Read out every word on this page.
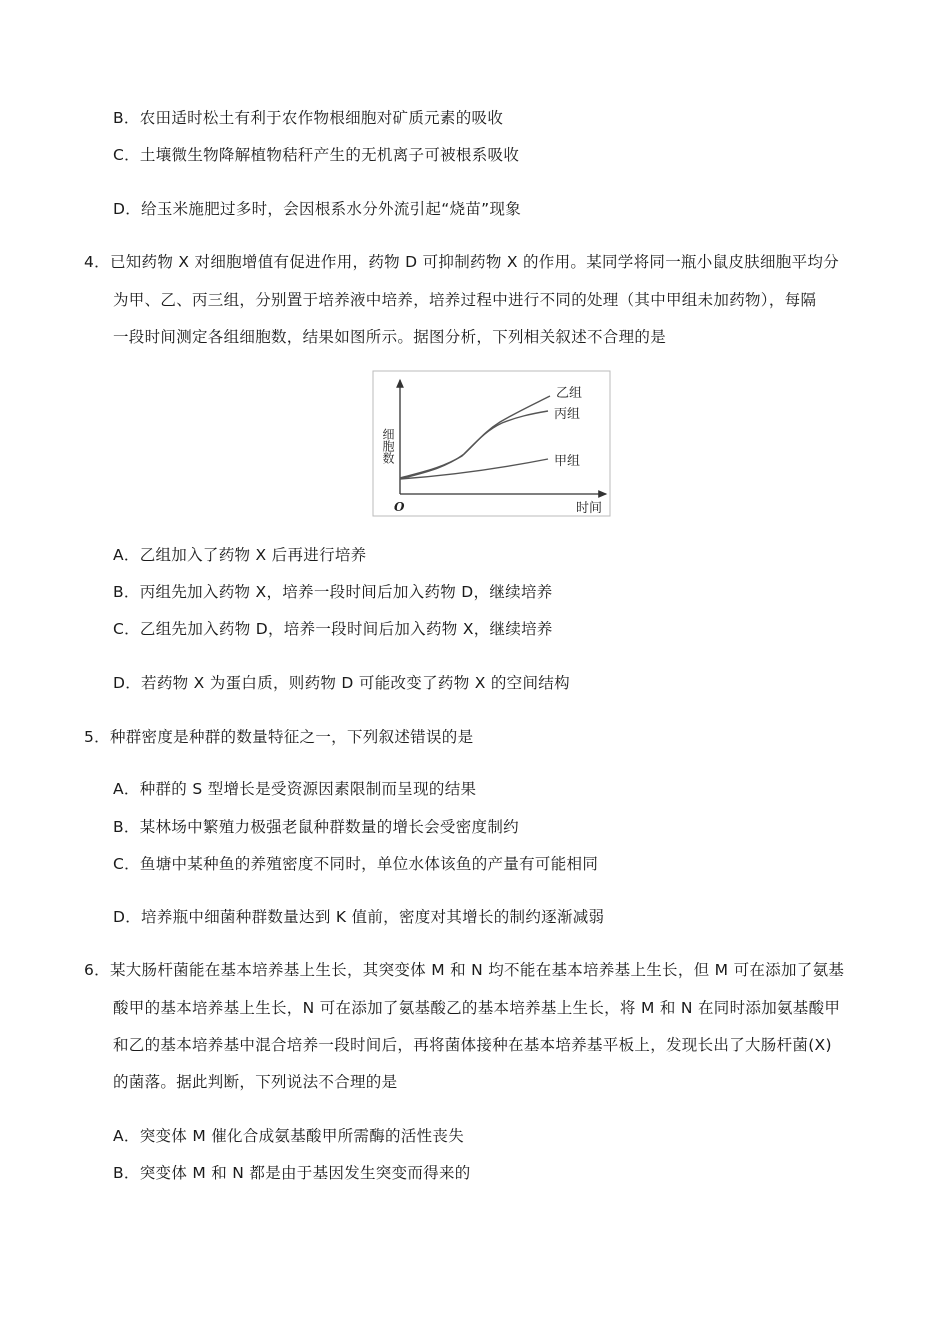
B．农田适时松土有利于农作物根细胞对矿质元素的吸收
C．土壤微生物降解植物秸秆产生的无机离子可被根系吸收
D．给玉米施肥过多时，会因根系水分外流引起“烧苗”现象
4．已知药物 X 对细胞增值有促进作用，药物 D 可抑制药物 X 的作用。某同学将同一瓶小鼠皮肤细胞平均分
为甲、乙、丙三组，分别置于培养液中培养，培养过程中进行不同的处理（其中甲组未加药物），每隔
一段时间测定各组细胞数，结果如图所示。据图分析，下列相关叙述不合理的是
细胞数
时间
O
乙组
丙组
甲组
A．乙组加入了药物 X 后再进行培养
B．丙组先加入药物 X，培养一段时间后加入药物 D，继续培养
C．乙组先加入药物 D，培养一段时间后加入药物 X，继续培养
D．若药物 X 为蛋白质，则药物 D 可能改变了药物 X 的空间结构
5．种群密度是种群的数量特征之一，下列叙述错误的是
A．种群的 S 型增长是受资源因素限制而呈现的结果
B．某林场中繁殖力极强老鼠种群数量的增长会受密度制约
C．鱼塘中某种鱼的养殖密度不同时，单位水体该鱼的产量有可能相同
D．培养瓶中细菌种群数量达到 K 值前，密度对其增长的制约逐渐减弱
6．某大肠杆菌能在基本培养基上生长，其突变体 M 和 N 均不能在基本培养基上生长，但 M 可在添加了氨基
酸甲的基本培养基上生长，N 可在添加了氨基酸乙的基本培养基上生长，将 M 和 N 在同时添加氨基酸甲
和乙的基本培养基中混合培养一段时间后，再将菌体接种在基本培养基平板上，发现长出了大肠杆菌(X)
的菌落。据此判断，下列说法不合理的是
A．突变体 M 催化合成氨基酸甲所需酶的活性丧失
B．突变体 M 和 N 都是由于基因发生突变而得来的
